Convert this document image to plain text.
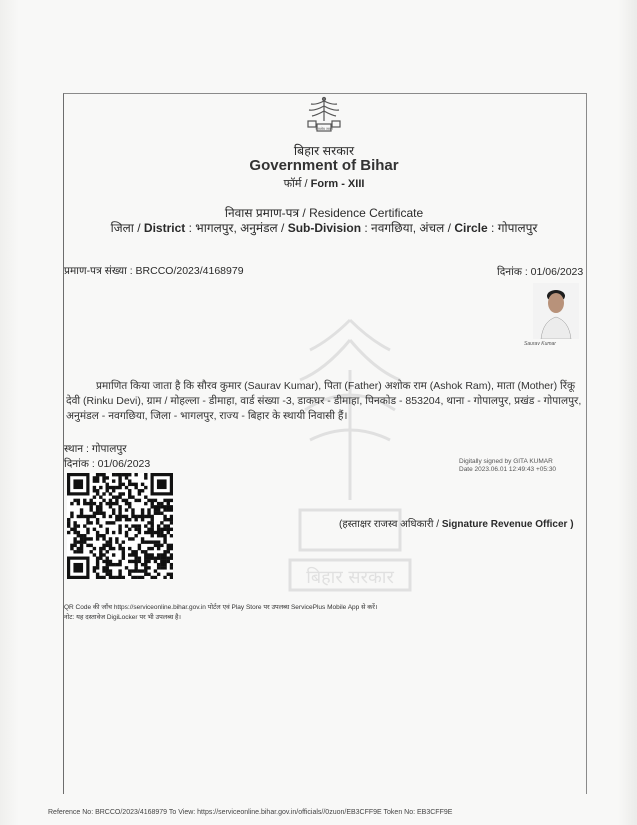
बिहार सरकार
सत्यमेव जयते
बिहार सरकार
Government of Bihar
फॉर्म / Form - XIII
निवास प्रमाण-पत्र / Residence Certificate
जिला / District : भागलपुर, अनुमंडल / Sub-Division : नवगछिया, अंचल / Circle : गोपालपुर
प्रमाण-पत्र संख्या : BRCCO/2023/4168979	दिनांक : 01/06/2023
Saurav Kumar

प्रमाणित किया जाता है कि सौरव कुमार (Saurav Kumar), पिता (Father) अशोक राम (Ashok Ram), माता (Mother) रिंकू

देवी (Rinku Devi), ग्राम / मोहल्ला - डीमाहा, वार्ड संख्या -3, डाकघर - डीमाहा, पिनकोड - 853204, थाना - गोपालपुर, प्रखंड - गोपालपुर,

अनुमंडल - नवगछिया, जिला - भागलपुर, राज्य - बिहार के स्थायी निवासी हैं।

स्थान : गोपालपुर
दिनांक : 01/06/2023	Digitally signed by GITA KUMAR
Date 2023.06.01 12:49:43 +05:30
(हस्ताक्षर राजस्व अधिकारी / Signature Revenue Officer )
QR Code की जाँच https://serviceonline.bihar.gov.in पोर्टल एवं Play Store पर उपलब्ध ServicePlus Mobile App से करें।
नोट: यह दस्तावेज DigiLocker पर भी उपलब्ध है।
Reference No: BRCCO/2023/4168979 To View: https://serviceonline.bihar.gov.in/officials//0zuon/EB3CFF9E Token No: EB3CFF9E
